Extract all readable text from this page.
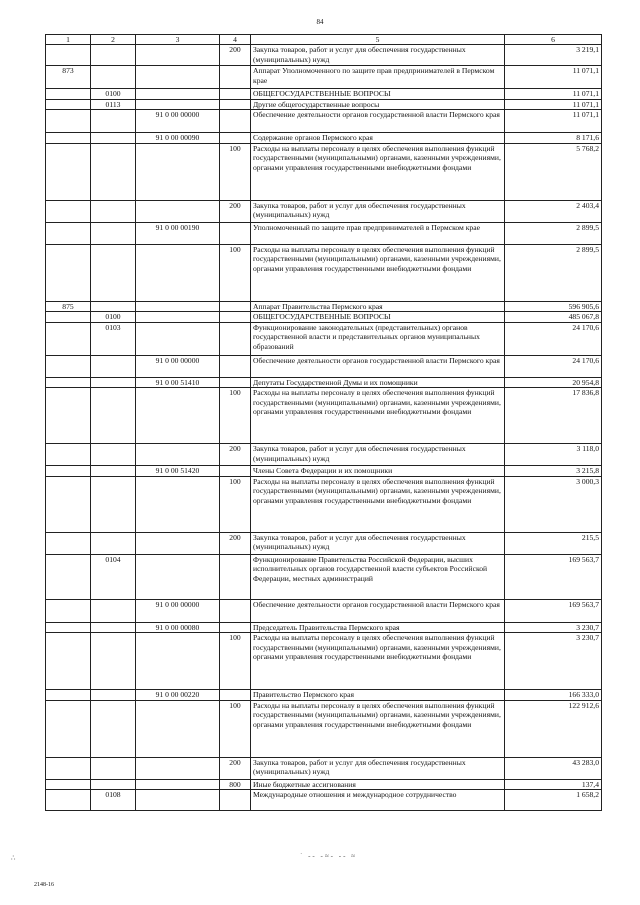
84
1	2	3	4	5	6
			200	Закупка товаров, работ и услуг для обеспечения государственных (муниципальных) нужд	3 219,1
873				Аппарат Уполномоченного по защите прав предпринимателей в Пермском крае	11 071,1
	0100			ОБЩЕГОСУДАРСТВЕННЫЕ ВОПРОСЫ	11 071,1
	0113			Другие общегосударственные вопросы	11 071,1
		91 0 00 00000		Обеспечение деятельности органов государственной власти Пермского края	11 071,1
		91 0 00 00090		Содержание органов Пермского края	8 171,6
			100	Расходы на выплаты персоналу в целях обеспечения выполнения функций государственными (муниципальными) органами, казенными учреждениями, органами управления государственными внебюджетными фондами	5 768,2
			200	Закупка товаров, работ и услуг для обеспечения государственных (муниципальных) нужд	2 403,4
		91 0 00 00190		Уполномоченный по защите прав предпринимателей в Пермском крае	2 899,5
			100	Расходы на выплаты персоналу в целях обеспечения выполнения функций государственными (муниципальными) органами, казенными учреждениями, органами управления государственными внебюджетными фондами	2 899,5
875				Аппарат Правительства Пермского края	596 905,6
	0100			ОБЩЕГОСУДАРСТВЕННЫЕ ВОПРОСЫ	485 067,8
	0103			Функционирование законодательных (представительных) органов государственной власти и представительных органов муниципальных образований	24 170,6
		91 0 00 00000		Обеспечение деятельности органов государственной власти Пермского края	24 170,6
		91 0 00 51410		Депутаты Государственной Думы и их помощники	20 954,8
			100	Расходы на выплаты персоналу в целях обеспечения выполнения функций государственными (муниципальными) органами, казенными учреждениями, органами управления государственными внебюджетными фондами	17 836,8
			200	Закупка товаров, работ и услуг для обеспечения государственных (муниципальных) нужд	3 118,0
		91 0 00 51420		Члены Совета Федерации и их помощники	3 215,8
			100	Расходы на выплаты персоналу в целях обеспечения выполнения функций государственными (муниципальными) органами, казенными учреждениями, органами управления государственными внебюджетными фондами	3 000,3
			200	Закупка товаров, работ и услуг для обеспечения государственных (муниципальных) нужд	215,5
	0104			Функционирование Правительства Российской Федерации, высших исполнительных органов государственной власти субъектов Российской Федерации, местных администраций	169 563,7
		91 0 00 00000		Обеспечение деятельности органов государственной власти Пермского края	169 563,7
		91 0 00 00080		Председатель Правительства Пермского края	3 230,7
			100	Расходы на выплаты персоналу в целях обеспечения выполнения функций государственными (муниципальными) органами, казенными учреждениями, органами управления государственными внебюджетными фондами	3 230,7
		91 0 00 00220		Правительство Пермского края	166 333,0
			100	Расходы на выплаты персоналу в целях обеспечения выполнения функций государственными (муниципальными) органами, казенными учреждениями, органами управления государственными внебюджетными фондами	122 912,6
			200	Закупка товаров, работ и услуг для обеспечения государственных (муниципальных) нужд	43 283,0
			800	Иные бюджетные ассигнования	137,4
	0108			Международные отношения и международное сотрудничество	1 658,2
∴	˙ ‑‑ ‑≈‑ ‑‑ ≈
2148-16
